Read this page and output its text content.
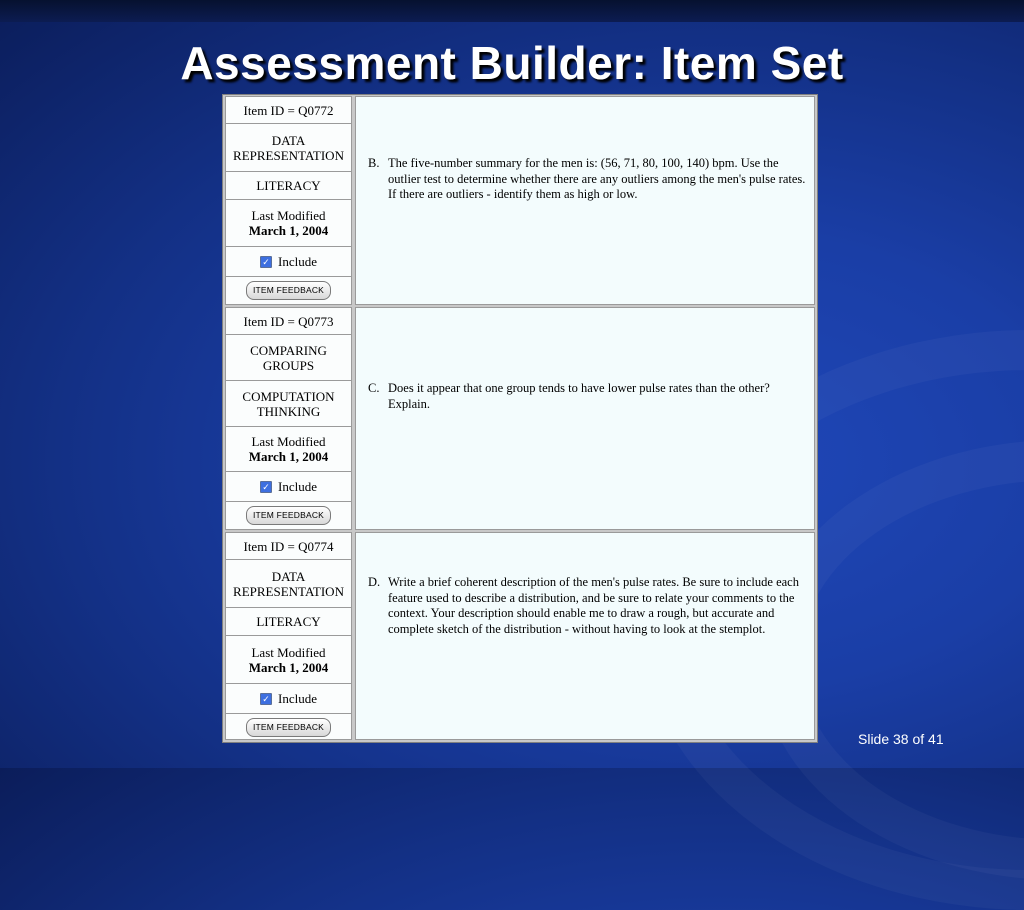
Assessment Builder: Item Set
Item ID = Q0772
DATA
REPRESENTATION
LITERACY
Last Modified
March 1, 2004
✓ Include
ITEM FEEDBACK
B. The five-number summary for the men is: (56, 71, 80, 100, 140) bpm. Use the outlier test to determine whether there are any outliers among the men's pulse rates. If there are outliers - identify them as high or low.
Item ID = Q0773
COMPARING
GROUPS
COMPUTATION
THINKING
Last Modified
March 1, 2004
✓ Include
ITEM FEEDBACK
C. Does it appear that one group tends to have lower pulse rates than the other? Explain.
Item ID = Q0774
DATA
REPRESENTATION
LITERACY
Last Modified
March 1, 2004
✓ Include
ITEM FEEDBACK
D. Write a brief coherent description of the men's pulse rates. Be sure to include each feature used to describe a distribution, and be sure to relate your comments to the context. Your description should enable me to draw a rough, but accurate and complete sketch of the distribution - without having to look at the stemplot.
Slide 38 of 41
